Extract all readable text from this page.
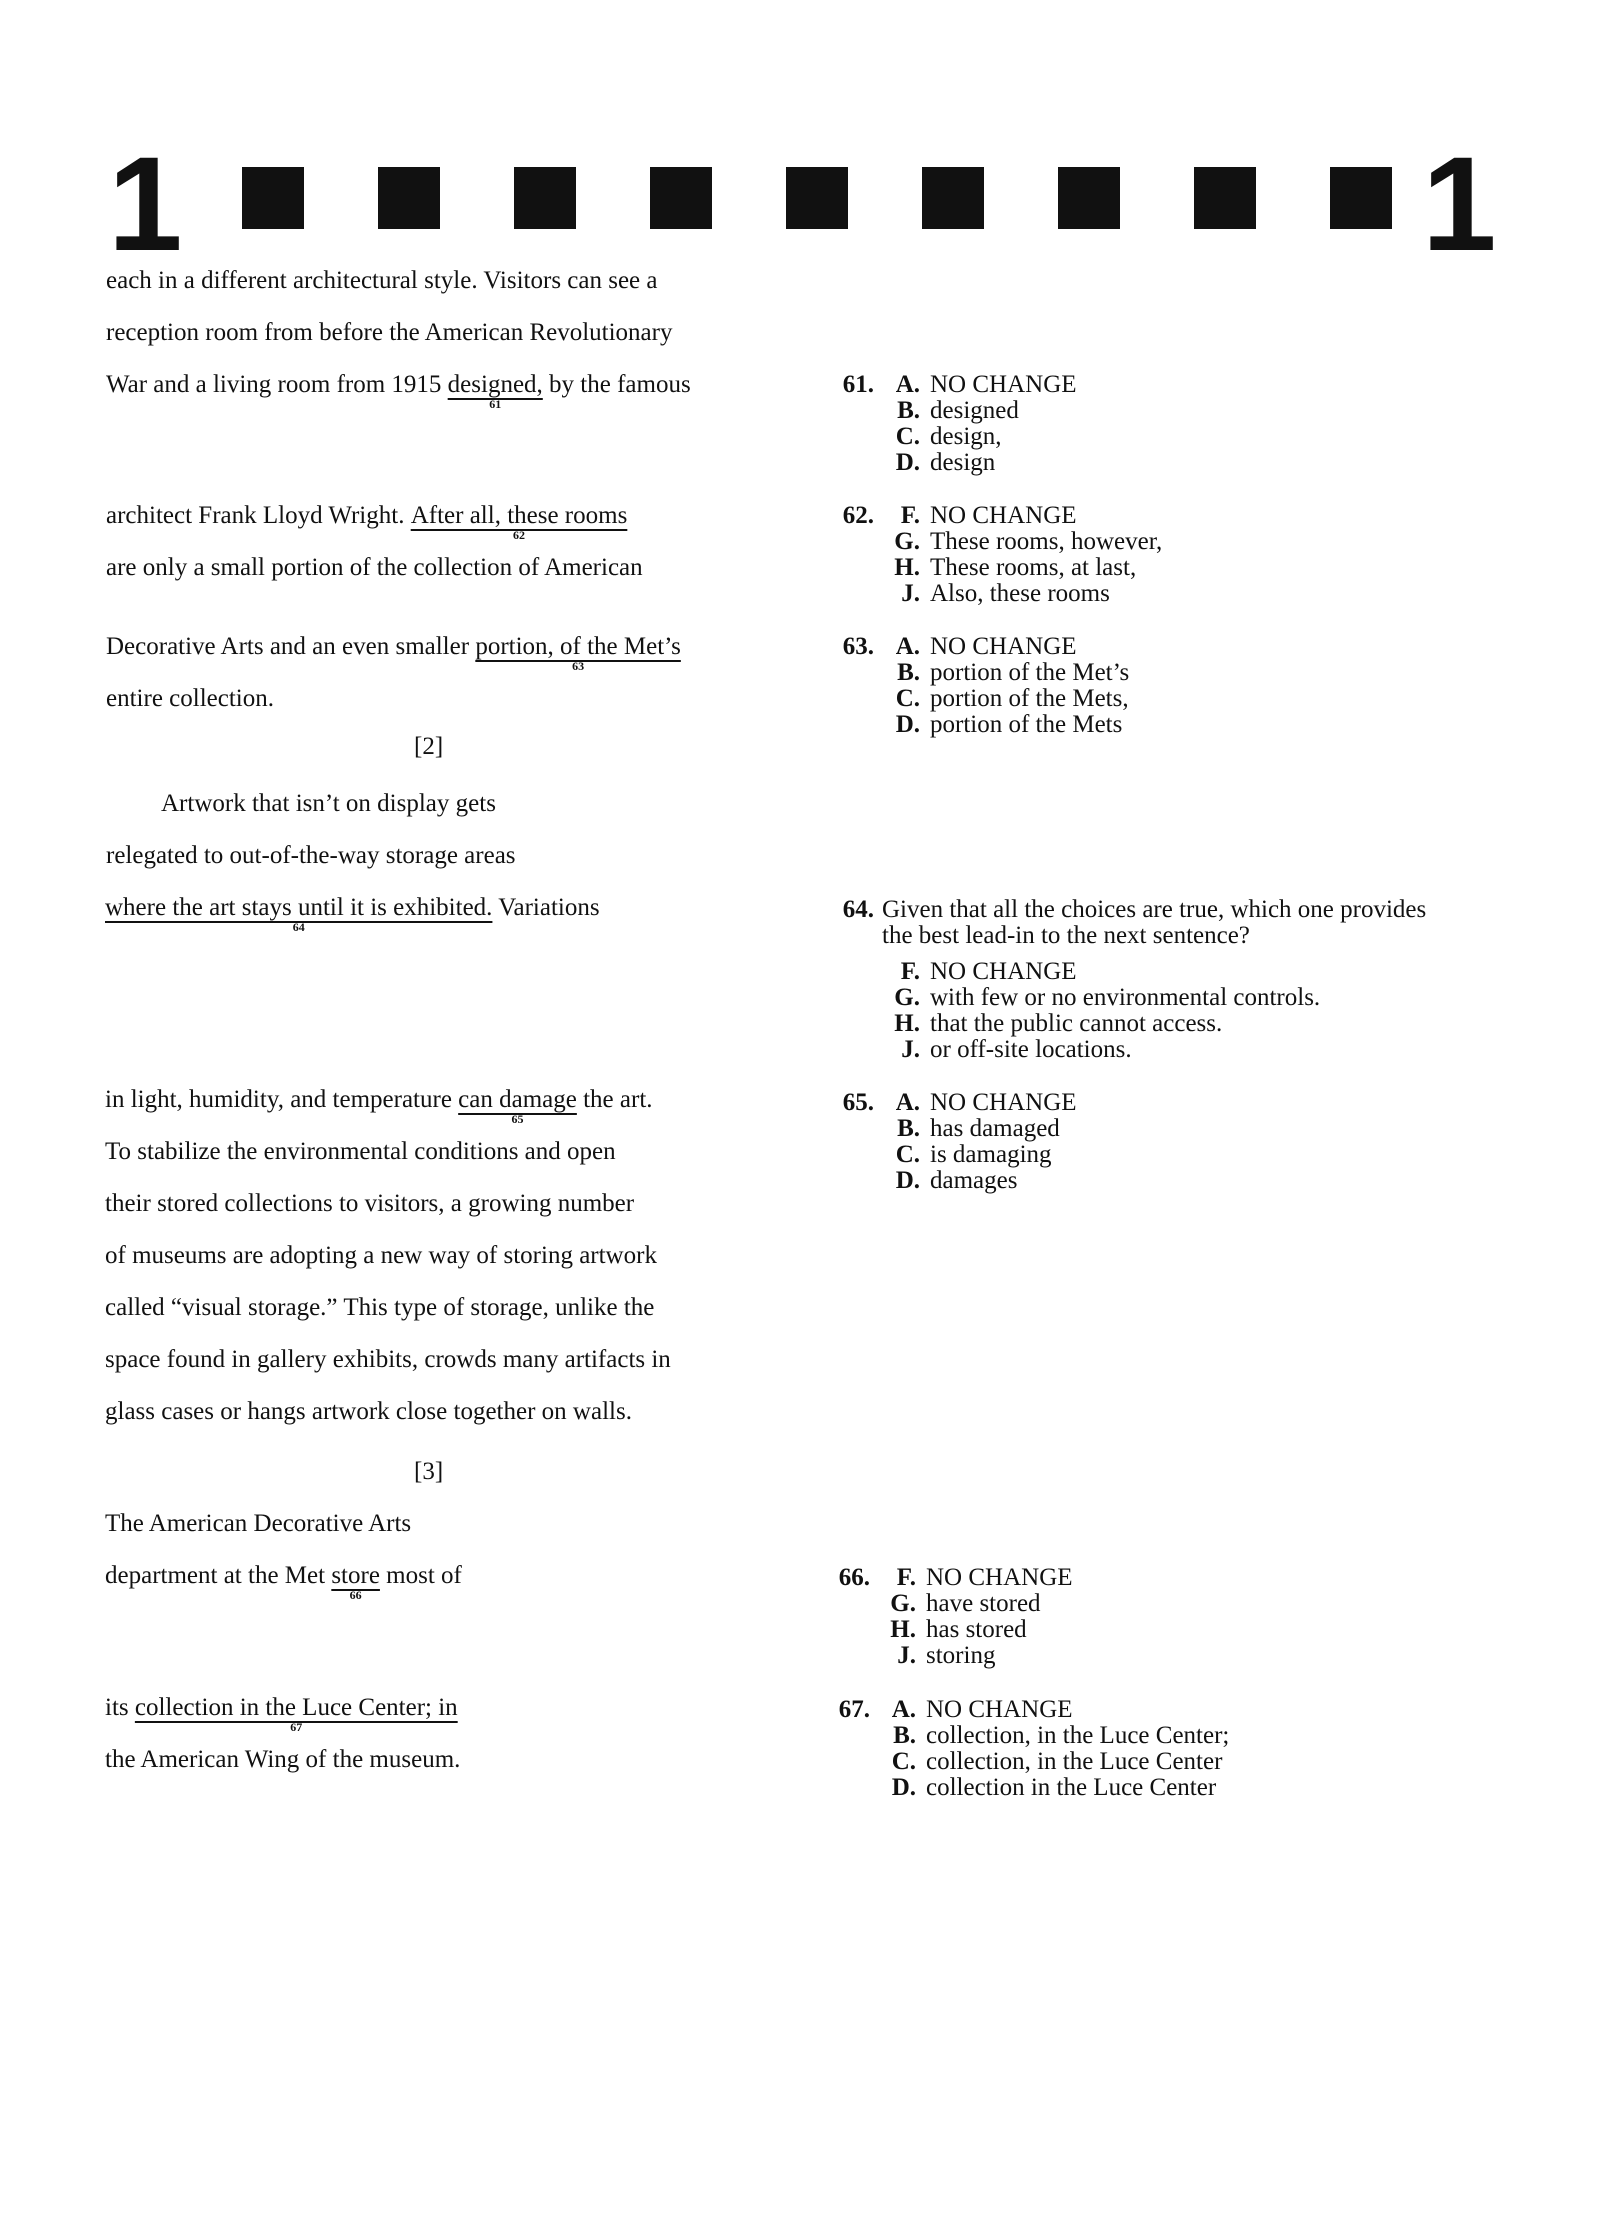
1	1
each in a different architectural style. Visitors can see a
reception room from before the American Revolutionary
War and a living room from 1915 designed,
61
by the famous
architect Frank Lloyd Wright. After all, these rooms
62
are only a small portion of the collection of American
Decorative Arts and an even smaller portion, of the Met’s
63
entire collection.
Artwork that isn’t on display gets
relegated to out-of-the-way storage areas
where the art stays until it is exhibited.
64
Variations
in light, humidity, and temperature can damage
65
the art.
To stabilize the environmental conditions and open
their stored collections to visitors, a growing number
of museums are adopting a new way of storing artwork
called “visual storage.” This type of storage, unlike the
space found in gallery exhibits, crowds many artifacts in
glass cases or hangs artwork close together on walls.
The American Decorative Arts
department at the Met store
66
most of
its collection in the Luce Center; in
67
the American Wing of the museum.
[2]
[3]
61. A. NO CHANGE
B. designed
C. design,
D. design
62.	F. NO CHANGE
G. These rooms, however,
H. These rooms, at last,
J. Also, these rooms
63. A. NO CHANGE
B. portion of the Met’s
C. portion of the Mets,
D. portion of the Mets
64. Given that all the choices are true, which one provides
the best lead-in to the next sentence?
F. NO CHANGE
G. with few or no environmental controls.
H. that the public cannot access.
J. or off-site locations.
65. A. NO CHANGE
B. has damaged
C. is damaging
D. damages
66.	F. NO CHANGE
G. have stored
H. has stored
J. storing
67. A. NO CHANGE
B. collection, in the Luce Center;
C. collection, in the Luce Center
D. collection in the Luce Center
